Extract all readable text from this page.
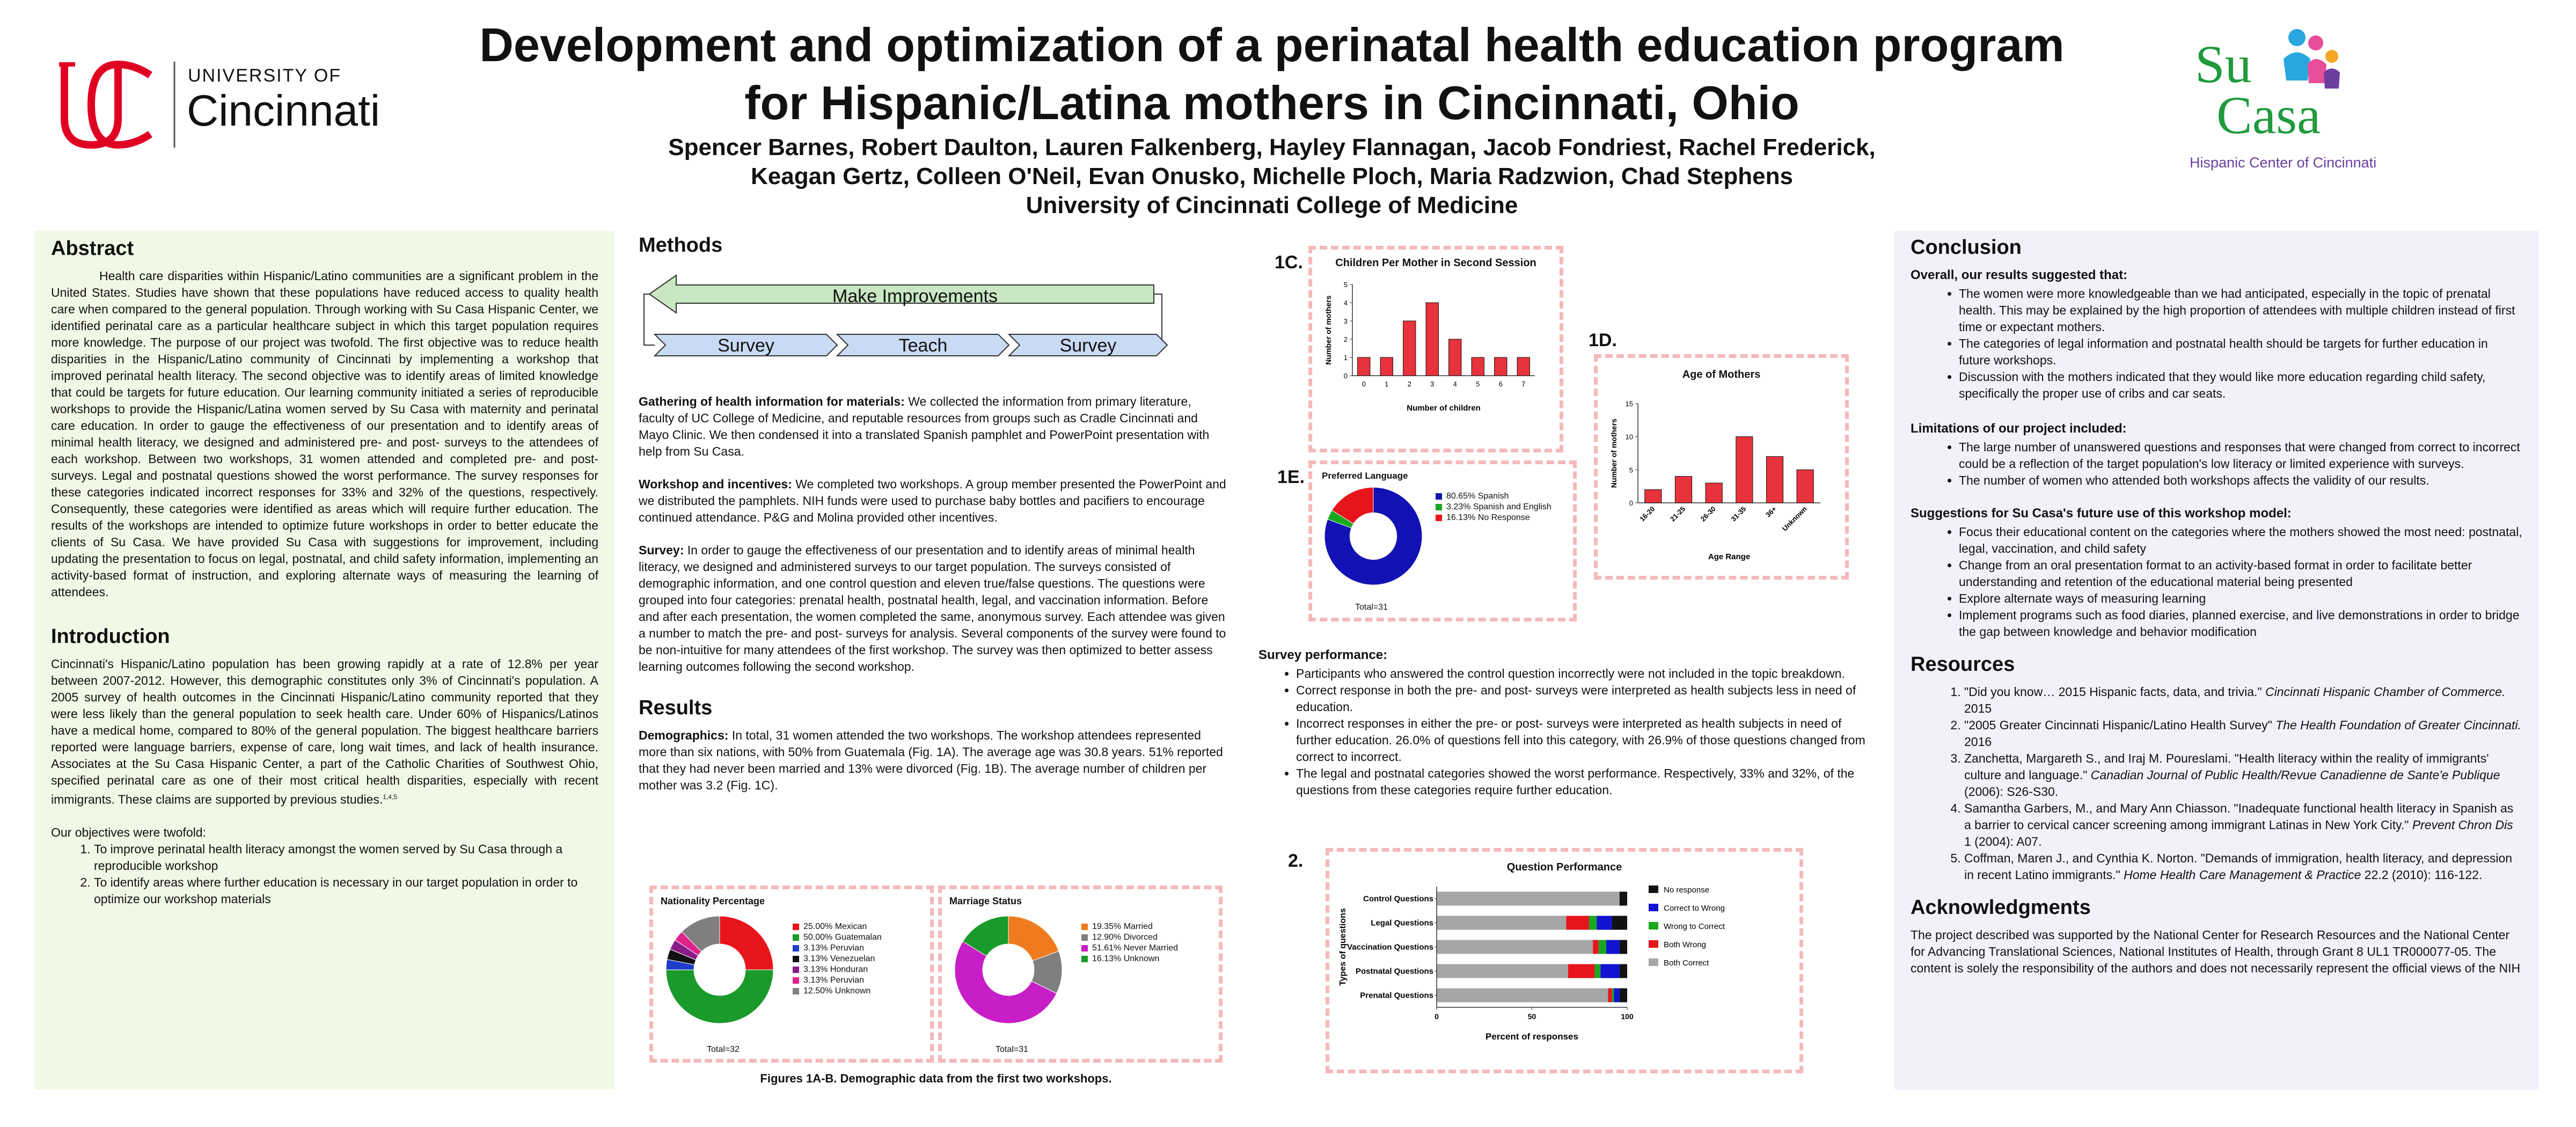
UNIVERSITY OF
Cincinnati
Development and optimization of a perinatal health education program
for Hispanic/Latina mothers in Cincinnati, Ohio
Spencer Barnes, Robert Daulton, Lauren Falkenberg, Hayley Flannagan, Jacob Fondriest, Rachel Frederick,
Keagan Gertz, Colleen O'Neil, Evan Onusko, Michelle Ploch, Maria Radzwion, Chad Stephens
University of Cincinnati College of Medicine
Su
Casa
Hispanic Center of Cincinnati
Abstract

Health care disparities within Hispanic/Latino communities are a significant problem in the United States. Studies have shown that these populations have reduced access to quality health care when compared to the general population. Through working with Su Casa Hispanic Center, we identified perinatal care as a particular healthcare subject in which this target population requires more knowledge. The purpose of our project was twofold. The first objective was to reduce health disparities in the Hispanic/Latino community of Cincinnati by implementing a workshop that improved perinatal health literacy. The second objective was to identify areas of limited knowledge that could be targets for future education. Our learning community initiated a series of reproducible workshops to provide the Hispanic/Latina women served by Su Casa with maternity and perinatal care education. In order to gauge the effectiveness of our presentation and to identify areas of minimal health literacy, we designed and administered pre- and post- surveys to the attendees of each workshop. Between two workshops, 31 women attended and completed pre- and post- surveys. Legal and postnatal questions showed the worst performance. The survey responses for these categories indicated incorrect responses for 33% and 32% of the questions, respectively. Consequently, these categories were identified as areas which will require further education. The results of the workshops are intended to optimize future workshops in order to better educate the clients of Su Casa. We have provided Su Casa with suggestions for improvement, including updating the presentation to focus on legal, postnatal, and child safety information, implementing an activity-based format of instruction, and exploring alternate ways of measuring the learning of attendees.

Introduction

Cincinnati's Hispanic/Latino population has been growing rapidly at a rate of 12.8% per year between 2007-2012. However, this demographic constitutes only 3% of Cincinnati's population. A 2005 survey of health outcomes in the Cincinnati Hispanic/Latino community reported that they were less likely than the general population to seek health care. Under 60% of Hispanics/Latinos have a medical home, compared to 80% of the general population. The biggest healthcare barriers reported were language barriers, expense of care, long wait times, and lack of health insurance. Associates at the Su Casa Hispanic Center, a part of the Catholic Charities of Southwest Ohio, specified perinatal care as one of their most critical health disparities, especially with recent immigrants. These claims are supported by previous studies.$^{1,4,5}$

Our objectives were twofold:

1. To improve perinatal health literacy amongst the women served by Su Casa through a reproducible workshop
2. To identify areas where further education is necessary in our target population in order to optimize our workshop materials
Methods
Make Improvements
Survey	Teach	Survey

Gathering of health information for materials: We collected the information from primary literature, faculty of UC College of Medicine, and reputable resources from groups such as Cradle Cincinnati and Mayo Clinic. We then condensed it into a translated Spanish pamphlet and PowerPoint presentation with help from Su Casa.

Workshop and incentives: We completed two workshops. A group member presented the PowerPoint and we distributed the pamphlets. NIH funds were used to purchase baby bottles and pacifiers to encourage continued attendance. P&G and Molina provided other incentives.

Survey: In order to gauge the effectiveness of our presentation and to identify areas of minimal health literacy, we designed and administered surveys to our target population. The surveys consisted of demographic information, and one control question and eleven true/false questions. The questions were grouped into four categories: prenatal health, postnatal health, legal, and vaccination information. Before and after each presentation, the women completed the same, anonymous survey. Each attendee was given a number to match the pre- and post- surveys for analysis. Several components of the survey were found to be non-intuitive for many attendees of the first workshop. The survey was then optimized to better assess learning outcomes following the second workshop.

Results

Demographics: In total, 31 women attended the two workshops. The workshop attendees represented more than six nations, with 50% from Guatemala (Fig. 1A). The average age was 30.8 years. 51% reported that they had never been married and 13% were divorced (Fig. 1B). The average number of children per mother was 3.2 (Fig. 1C).

Nationality Percentage
25.00% Mexican
50.00% Guatemalan
3.13% Peruvian
3.13% Venezuelan
3.13% Honduran
3.13% Peruvian
12.50% Unknown
Total=32
Marriage Status
19.35% Married
12.90% Divorced
51.61% Never Married
16.13% Unknown
Total=31
Figures 1A-B. Demographic data from the first two workshops.
1C.	Children Per Mother in Second Session
0
1
2
3
4
5
0	1	2	3	4	5	6	7
Number of children
Number of mothers	1D.
Age of Mothers
0
5
10
15
16-20 21-25 26-30 31-35 36+ Unknown
Age Range
Number of mothers
1E. Preferred Language
80.65% Spanish
3.23% Spanish and English
16.13% No Response
Total=31

Survey performance:

• Participants who answered the control question incorrectly were not included in the topic breakdown.
• Correct response in both the pre- and post- surveys were interpreted as health subjects less in need of education.
• Incorrect responses in either the pre- or post- surveys were interpreted as health subjects in need of further education. 26.0% of questions fell into this category, with 26.9% of those questions changed from correct to incorrect.
• The legal and postnatal categories showed the worst performance. Respectively, 33% and 32%, of the questions from these categories require further education.
2.	Question Performance
Control Questions
Legal Questions
Vaccination Questions
Postnatal Questions
Prenatal Questions
0	50	100
Percent of responses
Types of questions
No response
Correct to Wrong
Wrong to Correct
Both Wrong
Both Correct
Conclusion

Overall, our results suggested that:

• The women were more knowledgeable than we had anticipated, especially in the topic of prenatal health. This may be explained by the high proportion of attendees with multiple children instead of first time or expectant mothers.
• The categories of legal information and postnatal health should be targets for further education in future workshops.
• Discussion with the mothers indicated that they would like more education regarding child safety, specifically the proper use of cribs and car seats.

Limitations of our project included:

• The large number of unanswered questions and responses that were changed from correct to incorrect could be a reflection of the target population's low literacy or limited experience with surveys.
• The number of women who attended both workshops affects the validity of our results.

Suggestions for Su Casa's future use of this workshop model:

• Focus their educational content on the categories where the mothers showed the most need: postnatal, legal, vaccination, and child safety
• Change from an oral presentation format to an activity-based format in order to facilitate better understanding and retention of the educational material being presented
• Explore alternate ways of measuring learning
• Implement programs such as food diaries, planned exercise, and live demonstrations in order to bridge the gap between knowledge and behavior modification
Resources
1. "Did you know… 2015 Hispanic facts, data, and trivia." Cincinnati Hispanic Chamber of Commerce. 2015
2. "2005 Greater Cincinnati Hispanic/Latino Health Survey" The Health Foundation of Greater Cincinnati. 2016
3. Zanchetta, Margareth S., and Iraj M. Poureslami. "Health literacy within the reality of immigrants' culture and language." Canadian Journal of Public Health/Revue Canadienne de Sante'e Publique (2006): S26-S30.
4. Samantha Garbers, M., and Mary Ann Chiasson. "Inadequate functional health literacy in Spanish as a barrier to cervical cancer screening among immigrant Latinas in New York City." Prevent Chron Dis 1 (2004): A07.
5. Coffman, Maren J., and Cynthia K. Norton. "Demands of immigration, health literacy, and depression in recent Latino immigrants." Home Health Care Management & Practice 22.2 (2010): 116-122.
Acknowledgments

The project described was supported by the National Center for Research Resources and the National Center for Advancing Translational Sciences, National Institutes of Health, through Grant 8 UL1 TR000077-05. The content is solely the responsibility of the authors and does not necessarily represent the official views of the NIH
